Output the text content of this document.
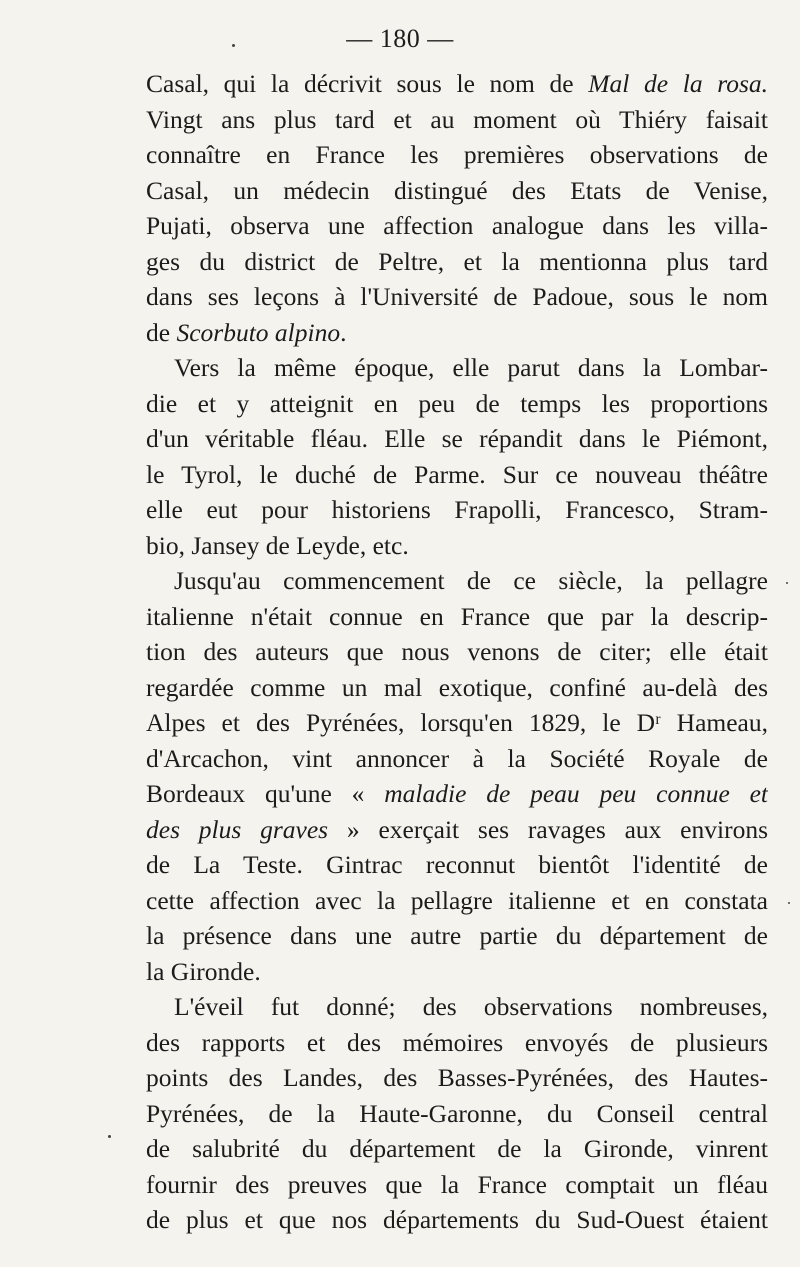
— 180 —
Casal, qui la décrivit sous le nom de Mal de la rosa.
Vingt ans plus tard et au moment où Thiéry faisait
connaître en France les premières observations de
Casal, un médecin distingué des Etats de Venise,
Pujati, observa une affection analogue dans les villa-
ges du district de Peltre, et la mentionna plus tard
dans ses leçons à l'Université de Padoue, sous le nom
de Scorbuto alpino.
Vers la même époque, elle parut dans la Lombar-
die et y atteignit en peu de temps les proportions
d'un véritable fléau. Elle se répandit dans le Piémont,
le Tyrol, le duché de Parme. Sur ce nouveau théâtre
elle eut pour historiens Frapolli, Francesco, Stram-
bio, Jansey de Leyde, etc.
Jusqu'au commencement de ce siècle, la pellagre
italienne n'était connue en France que par la descrip-
tion des auteurs que nous venons de citer; elle était
regardée comme un mal exotique, confiné au-delà des
Alpes et des Pyrénées, lorsqu'en 1829, le Dʳ Hameau,
d'Arcachon, vint annoncer à la Société Royale de
Bordeaux qu'une « maladie de peau peu connue et
des plus graves » exerçait ses ravages aux environs
de La Teste. Gintrac reconnut bientôt l'identité de
cette affection avec la pellagre italienne et en constata
la présence dans une autre partie du département de
la Gironde.
L'éveil fut donné; des observations nombreuses,
des rapports et des mémoires envoyés de plusieurs
points des Landes, des Basses-Pyrénées, des Hautes-
Pyrénées, de la Haute-Garonne, du Conseil central
de salubrité du département de la Gironde, vinrent
fournir des preuves que la France comptait un fléau
de plus et que nos départements du Sud-Ouest étaient
